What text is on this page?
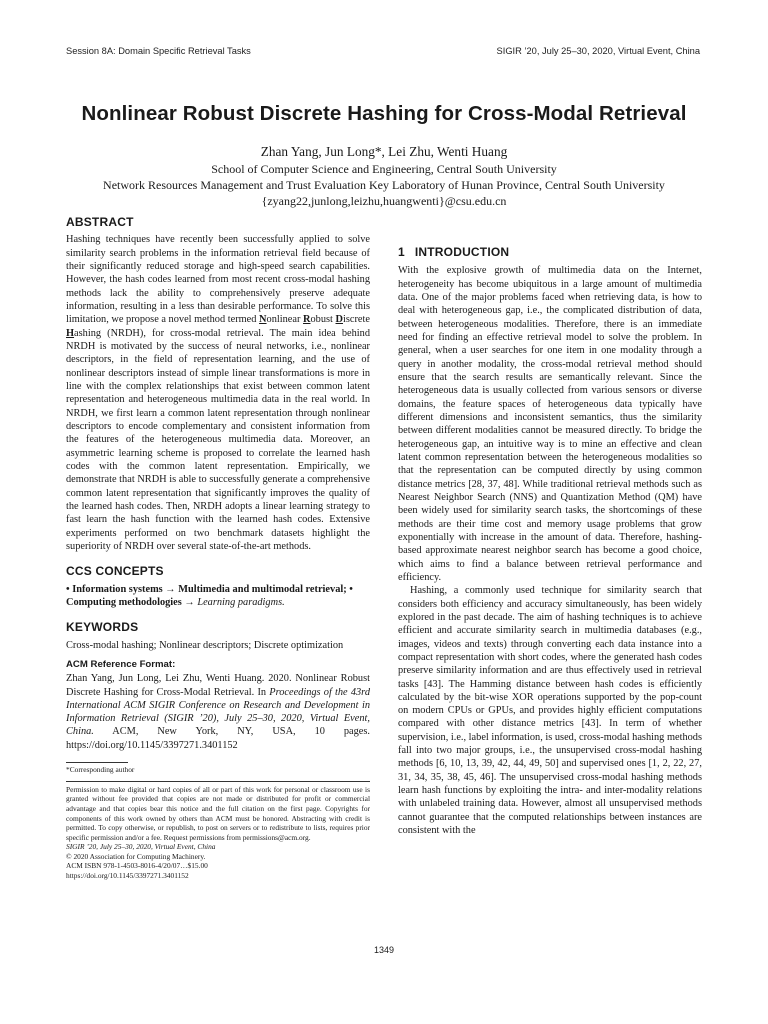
Session 8A: Domain Specific Retrieval Tasks	SIGIR ’20, July 25–30, 2020, Virtual Event, China
Nonlinear Robust Discrete Hashing for Cross-Modal Retrieval
Zhan Yang, Jun Long*, Lei Zhu, Wenti Huang
School of Computer Science and Engineering, Central South University
Network Resources Management and Trust Evaluation Key Laboratory of Hunan Province, Central South University
{zyang22,junlong,leizhu,huangwenti}@csu.edu.cn
ABSTRACT

Hashing techniques have recently been successfully applied to solve similarity search problems in the information retrieval field because of their significantly reduced storage and high-speed search capabilities. However, the hash codes learned from most recent cross-modal hashing methods lack the ability to comprehensively preserve adequate information, resulting in a less than desirable performance. To solve this limitation, we propose a novel method termed Nonlinear Robust Discrete Hashing (NRDH), for cross-modal retrieval. The main idea behind NRDH is motivated by the success of neural networks, i.e., nonlinear descriptors, in the field of representation learning, and the use of nonlinear descriptors instead of simple linear transformations is more in line with the complex relationships that exist between common latent representation and heterogeneous multimedia data in the real world. In NRDH, we first learn a common latent representation through nonlinear descriptors to encode complementary and consistent information from the features of the heterogeneous multimedia data. Moreover, an asymmetric learning scheme is proposed to correlate the learned hash codes with the common latent representation. Empirically, we demonstrate that NRDH is able to successfully generate a comprehensive common latent representation that significantly improves the quality of the learned hash codes. Then, NRDH adopts a linear learning strategy to fast learn the hash function with the learned hash codes. Extensive experiments performed on two benchmark datasets highlight the superiority of NRDH over several state-of-the-art methods.

CCS CONCEPTS

• Information systems → Multimedia and multimodal retrieval; • Computing methodologies → Learning paradigms.

KEYWORDS

Cross-modal hashing; Nonlinear descriptors; Discrete optimization

ACM Reference Format:

Zhan Yang, Jun Long, Lei Zhu, Wenti Huang. 2020. Nonlinear Robust Discrete Hashing for Cross-Modal Retrieval. In Proceedings of the 43rd International ACM SIGIR Conference on Research and Development in Information Retrieval (SIGIR ’20), July 25–30, 2020, Virtual Event, China. ACM, New York, NY, USA, 10 pages. https://doi.org/10.1145/3397271.3401152

*Corresponding author

Permission to make digital or hard copies of all or part of this work for personal or classroom use is granted without fee provided that copies are not made or distributed for profit or commercial advantage and that copies bear this notice and the full citation on the first page. Copyrights for components of this work owned by others than ACM must be honored. Abstracting with credit is permitted. To copy otherwise, or republish, to post on servers or to redistribute to lists, requires prior specific permission and/or a fee. Request permissions from permissions@acm.org.

SIGIR ’20, July 25–30, 2020, Virtual Event, China

© 2020 Association for Computing Machinery.

ACM ISBN 978-1-4503-8016-4/20/07…$15.00

https://doi.org/10.1145/3397271.3401152

1 INTRODUCTION

With the explosive growth of multimedia data on the Internet, heterogeneity has become ubiquitous in a large amount of multimedia data. One of the major problems faced when retrieving data, is how to deal with heterogeneous gap, i.e., the complicated distribution of data, between heterogeneous modalities. Therefore, there is an immediate need for finding an effective retrieval model to solve the problem. In general, when a user searches for one item in one modality through a query in another modality, the cross-modal retrieval method should ensure that the search results are semantically relevant. Since the heterogeneous data is usually collected from various sensors or diverse domains, the feature spaces of heterogeneous data typically have different dimensions and inconsistent semantics, thus the similarity between different modalities cannot be measured directly. To bridge the heterogeneous gap, an intuitive way is to mine an effective and clean latent common representation between the heterogeneous modalities so that the representation can be computed directly by using common distance metrics [28, 37, 48]. While traditional retrieval methods such as Nearest Neighbor Search (NNS) and Quantization Method (QM) have been widely used for similarity search tasks, the shortcomings of these methods are their time cost and memory usage problems that grow exponentially with increase in the amount of data. Therefore, hashing-based approximate nearest neighbor search has become a good choice, which aims to find a balance between retrieval performance and efficiency.

Hashing, a commonly used technique for similarity search that considers both efficiency and accuracy simultaneously, has been widely explored in the past decade. The aim of hashing techniques is to achieve efficient and accurate similarity search in multimedia databases (e.g., images, videos and texts) through converting each data instance into a compact representation with short codes, where the generated hash codes preserve similarity information and are thus effectively used in retrieval tasks [43]. The Hamming distance between hash codes is efficiently calculated by the bit-wise XOR operations supported by the pop-count on modern CPUs or GPUs, and provides highly efficient computations compared with other distance metrics [43]. In term of whether supervision, i.e., label information, is used, cross-modal hashing methods fall into two major groups, i.e., the unsupervised cross-modal hashing methods [6, 10, 13, 39, 42, 44, 49, 50] and supervised ones [1, 2, 22, 27, 31, 34, 35, 38, 45, 46]. The unsupervised cross-modal hashing methods learn hash functions by exploiting the intra- and inter-modality relations with unlabeled training data. However, almost all unsupervised methods cannot guarantee that the computed relationships between instances are consistent with the

1349
